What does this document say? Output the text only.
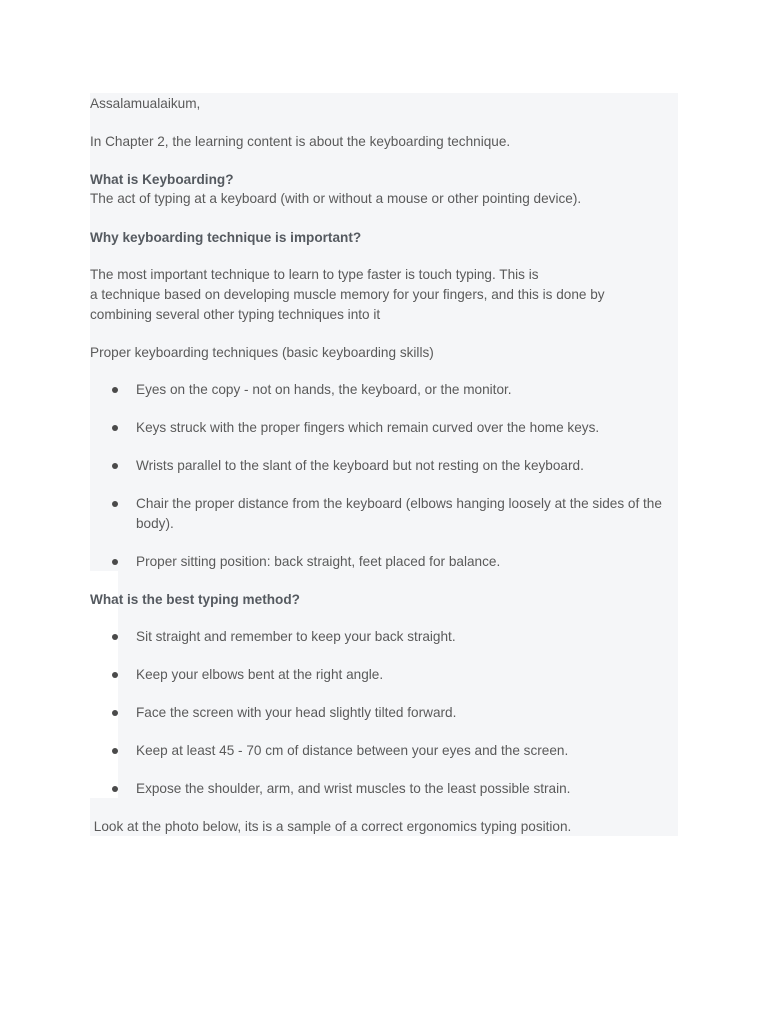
Assalamualaikum,
In Chapter 2, the learning content is about the keyboarding technique.
What is Keyboarding?
The act of typing at a keyboard (with or without a mouse or other pointing device).
Why keyboarding technique is important?
The most important technique to learn to type faster is touch typing. This is
a technique based on developing muscle memory for your fingers, and this is done by
combining several other typing techniques into it
Proper keyboarding techniques (basic keyboarding skills)
Eyes on the copy - not on hands, the keyboard, or the monitor.
Keys struck with the proper fingers which remain curved over the home keys.
Wrists parallel to the slant of the keyboard but not resting on the keyboard.
Chair the proper distance from the keyboard (elbows hanging loosely at the sides of the body).
Proper sitting position: back straight, feet placed for balance.
What is the best typing method?
Sit straight and remember to keep your back straight.
Keep your elbows bent at the right angle.
Face the screen with your head slightly tilted forward.
Keep at least 45 - 70 cm of distance between your eyes and the screen.
Expose the shoulder, arm, and wrist muscles to the least possible strain.
Look at the photo below, its is a sample of a correct ergonomics typing position.
